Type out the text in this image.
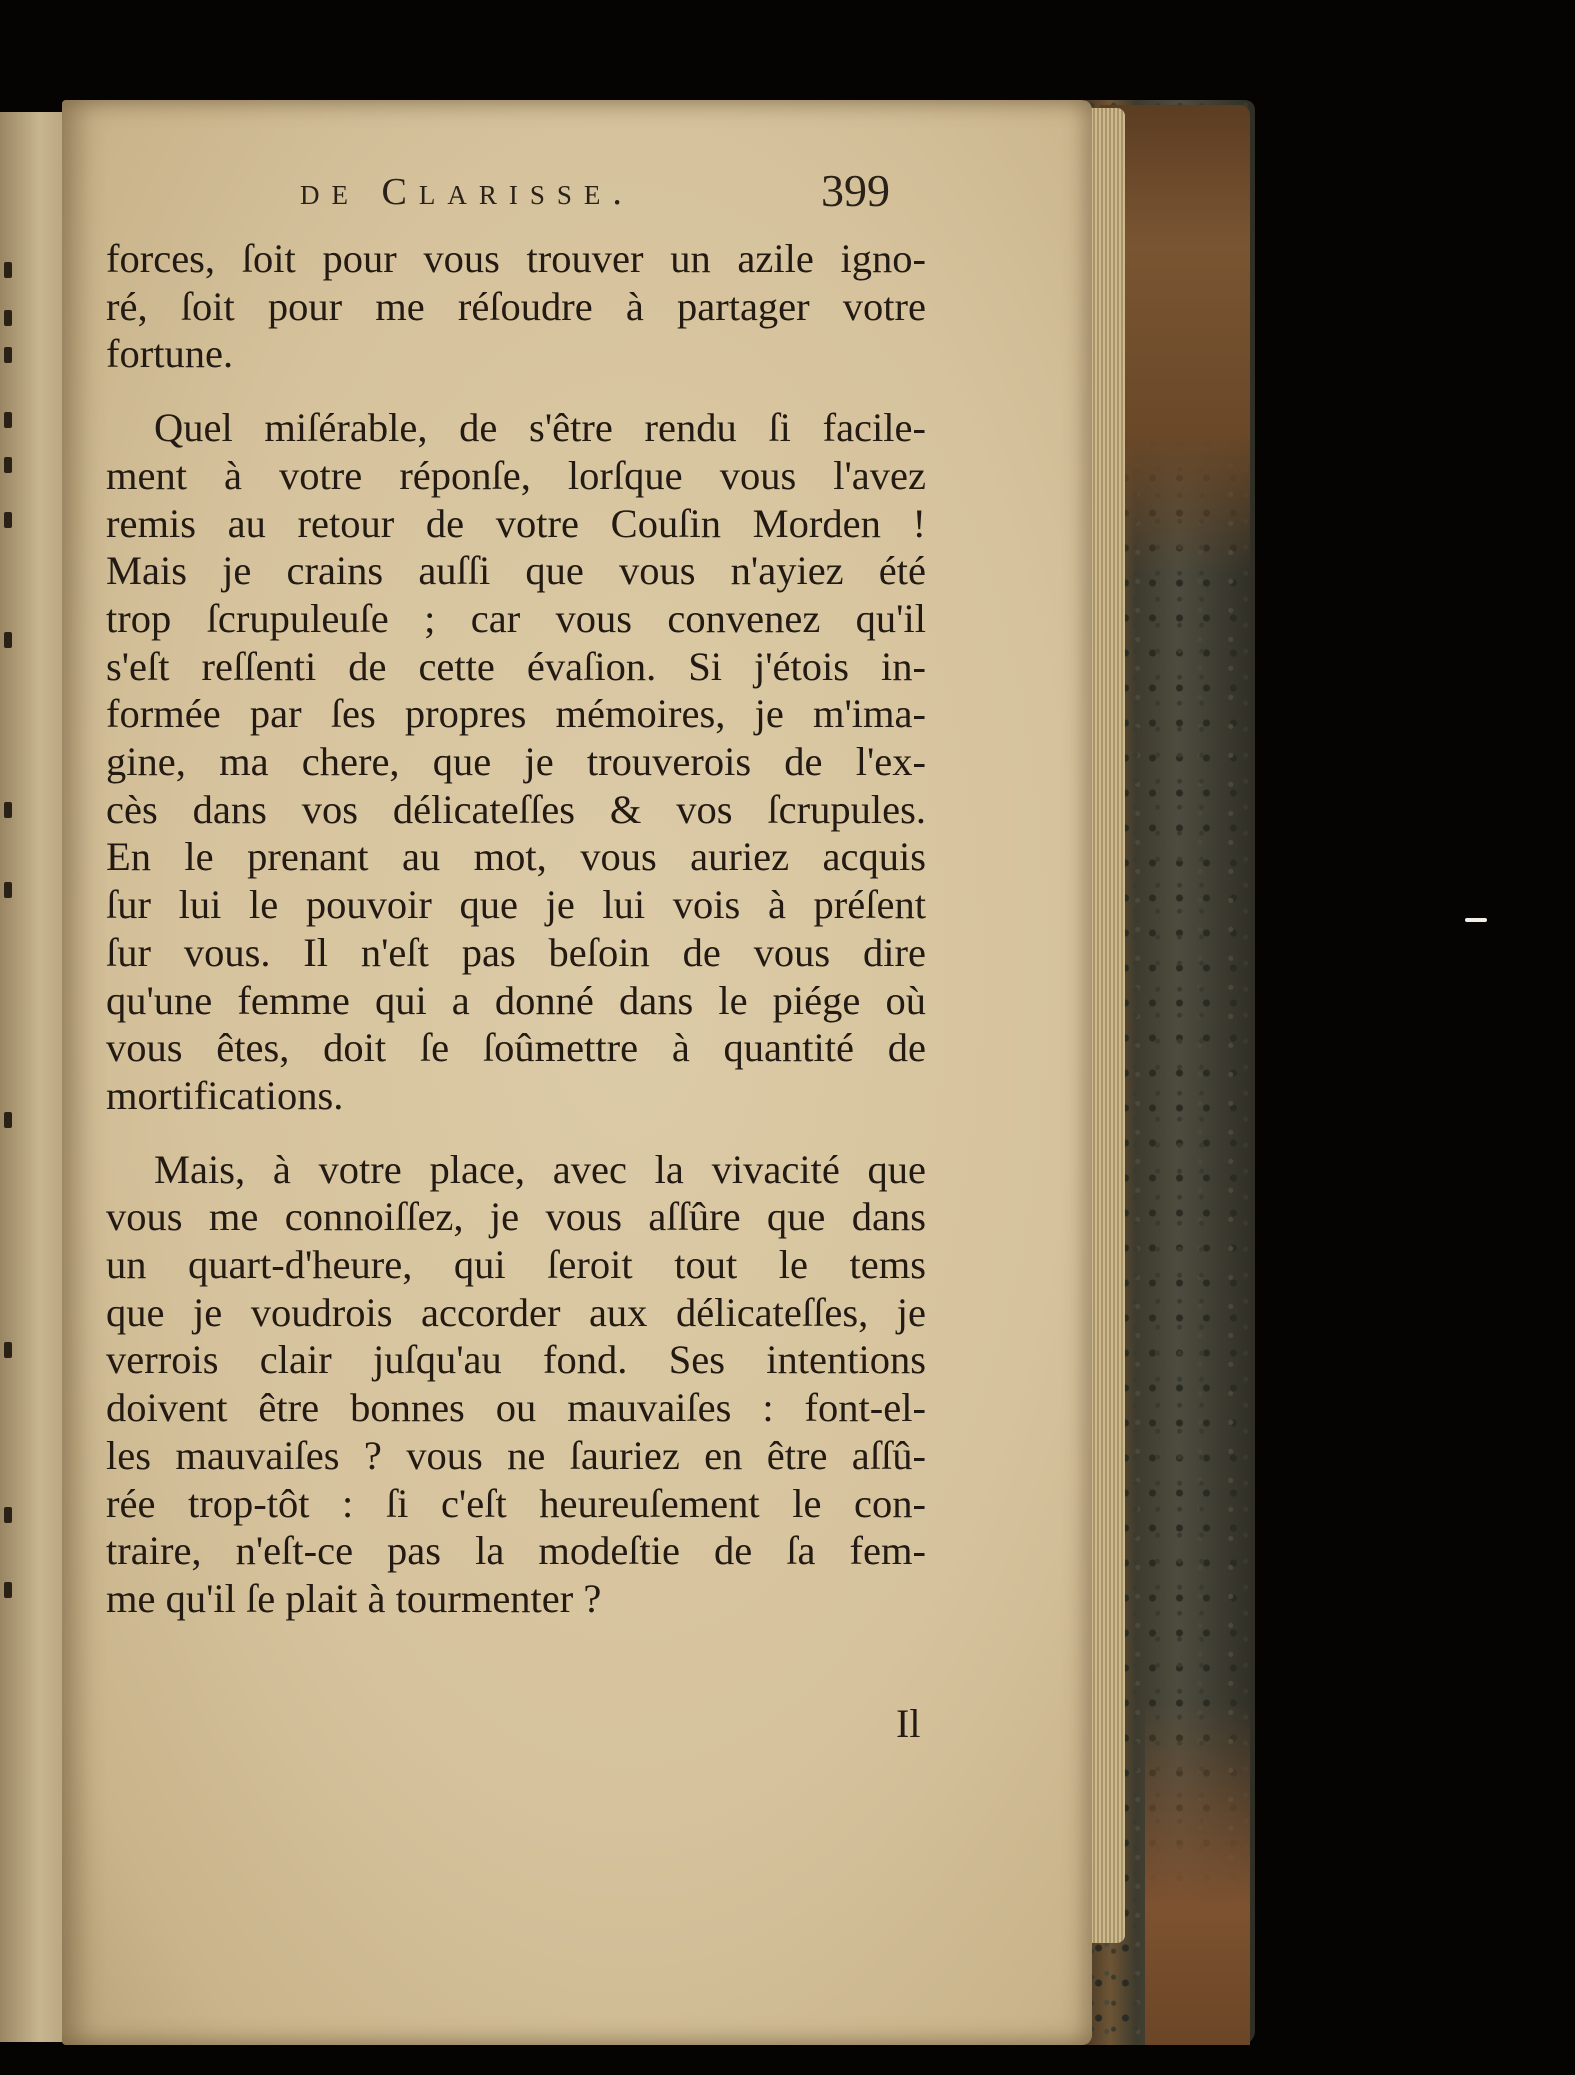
de Clarisse.	399

forces, ſoit pour vous trouver un azile igno-
ré, ſoit pour me réſoudre à partager votre
fortune.

Quel miſérable, de s'être rendu ſi facile-
ment à votre réponſe, lorſque vous l'avez
remis au retour de votre Couſin Morden !
Mais je crains auſſi que vous n'ayiez été
trop ſcrupuleuſe ; car vous convenez qu'il
s'eſt reſſenti de cette évaſion. Si j'étois in-
formée par ſes propres mémoires, je m'ima-
gine, ma chere, que je trouverois de l'ex-
cès dans vos délicateſſes & vos ſcrupules.
En le prenant au mot, vous auriez acquis
ſur lui le pouvoir que je lui vois à préſent
ſur vous. Il n'eſt pas beſoin de vous dire
qu'une femme qui a donné dans le piége où
vous êtes, doit ſe ſoûmettre à quantité de
mortifications.

Mais, à votre place, avec la vivacité que
vous me connoiſſez, je vous aſſûre que dans
un quart-d'heure, qui ſeroit tout le tems
que je voudrois accorder aux délicateſſes, je
verrois clair juſqu'au fond. Ses intentions
doivent être bonnes ou mauvaiſes : font-el-
les mauvaiſes ? vous ne ſauriez en être aſſû-
rée trop-tôt : ſi c'eſt heureuſement le con-
traire, n'eſt-ce pas la modeſtie de ſa fem-
me qu'il ſe plait à tourmenter ?

Il
